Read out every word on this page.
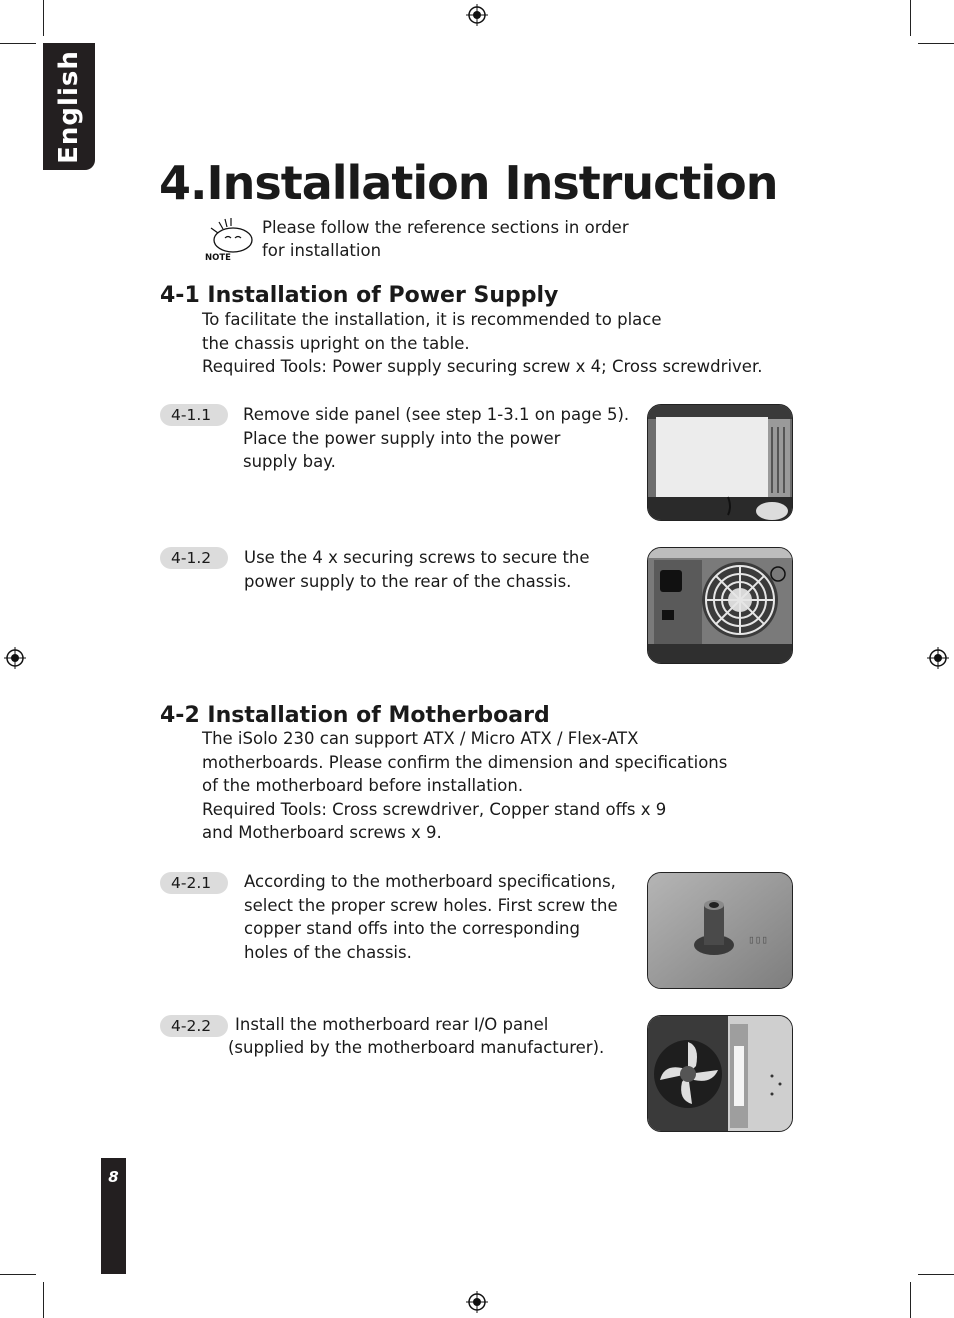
English
8
4.Installation Instruction
NOTE
Please follow the reference sections in order
for installation
4-1 Installation of Power Supply
To facilitate the installation, it is recommended to place
the chassis upright on the table.
Required Tools: Power supply securing screw x 4; Cross screwdriver.
4-1.1	Remove side panel (see step 1-3.1 on page 5).
Place the power supply into the power
supply bay.
4-1.2	Use the 4 x securing screws to secure the
power supply to the rear of the chassis.
4-2 Installation of Motherboard
The iSolo 230 can support ATX / Micro ATX / Flex-ATX
motherboards. Please confirm the dimension and specifications
of the motherboard before installation.
Required Tools: Cross screwdriver, Copper stand offs x 9
and Motherboard screws x 9.
4-2.1	According to the motherboard specifications,
select the proper screw holes. First screw the
copper stand offs into the corresponding
holes of the chassis.
▯▯▯
4-2.2	Install the motherboard rear I/O panel
(supplied by the motherboard manufacturer).
